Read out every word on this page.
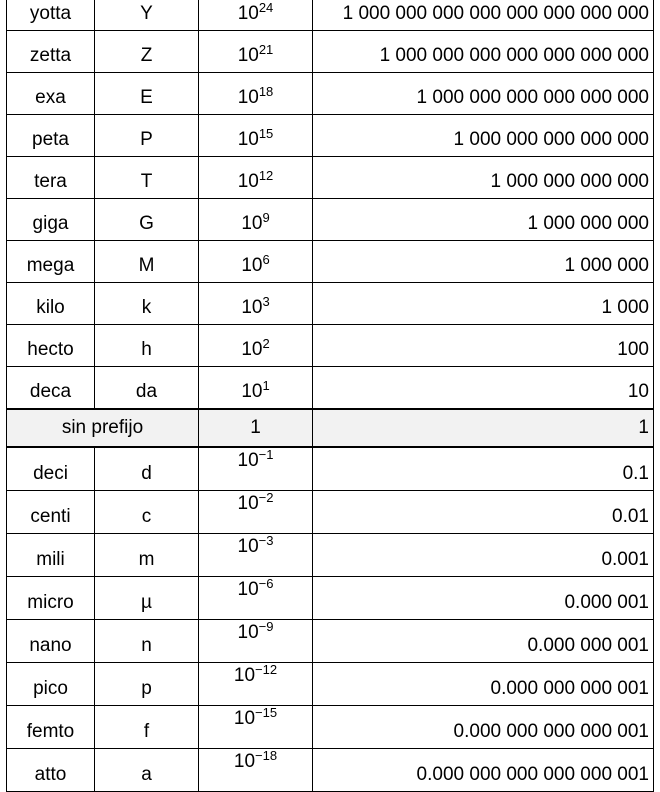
yotta	Y	$10^{24}$	1 000 000 000 000 000 000 000 000
zetta	Z	$10^{21}$	1 000 000 000 000 000 000 000
exa	E	$10^{18}$	1 000 000 000 000 000 000
peta	P	$10^{15}$	1 000 000 000 000 000
tera	T	$10^{12}$	1 000 000 000 000
giga	G	$10^9$	1 000 000 000
mega	M	$10^6$	1 000 000
kilo	k	$10^3$	1 000
hecto	h	$10^2$	100
deca	da	$10^1$	10
sin prefijo		1	1
deci	d	$10^{-1}$	0.1
centi	c	$10^{-2}$	0.01
mili	m	$10^{-3}$	0.001
micro	µ	$10^{-6}$	0.000 001
nano	n	$10^{-9}$	0.000 000 001
pico	p	$10^{-12}$	0.000 000 000 001
femto	f	$10^{-15}$	0.000 000 000 000 001
atto	a	$10^{-18}$	0.000 000 000 000 000 001
